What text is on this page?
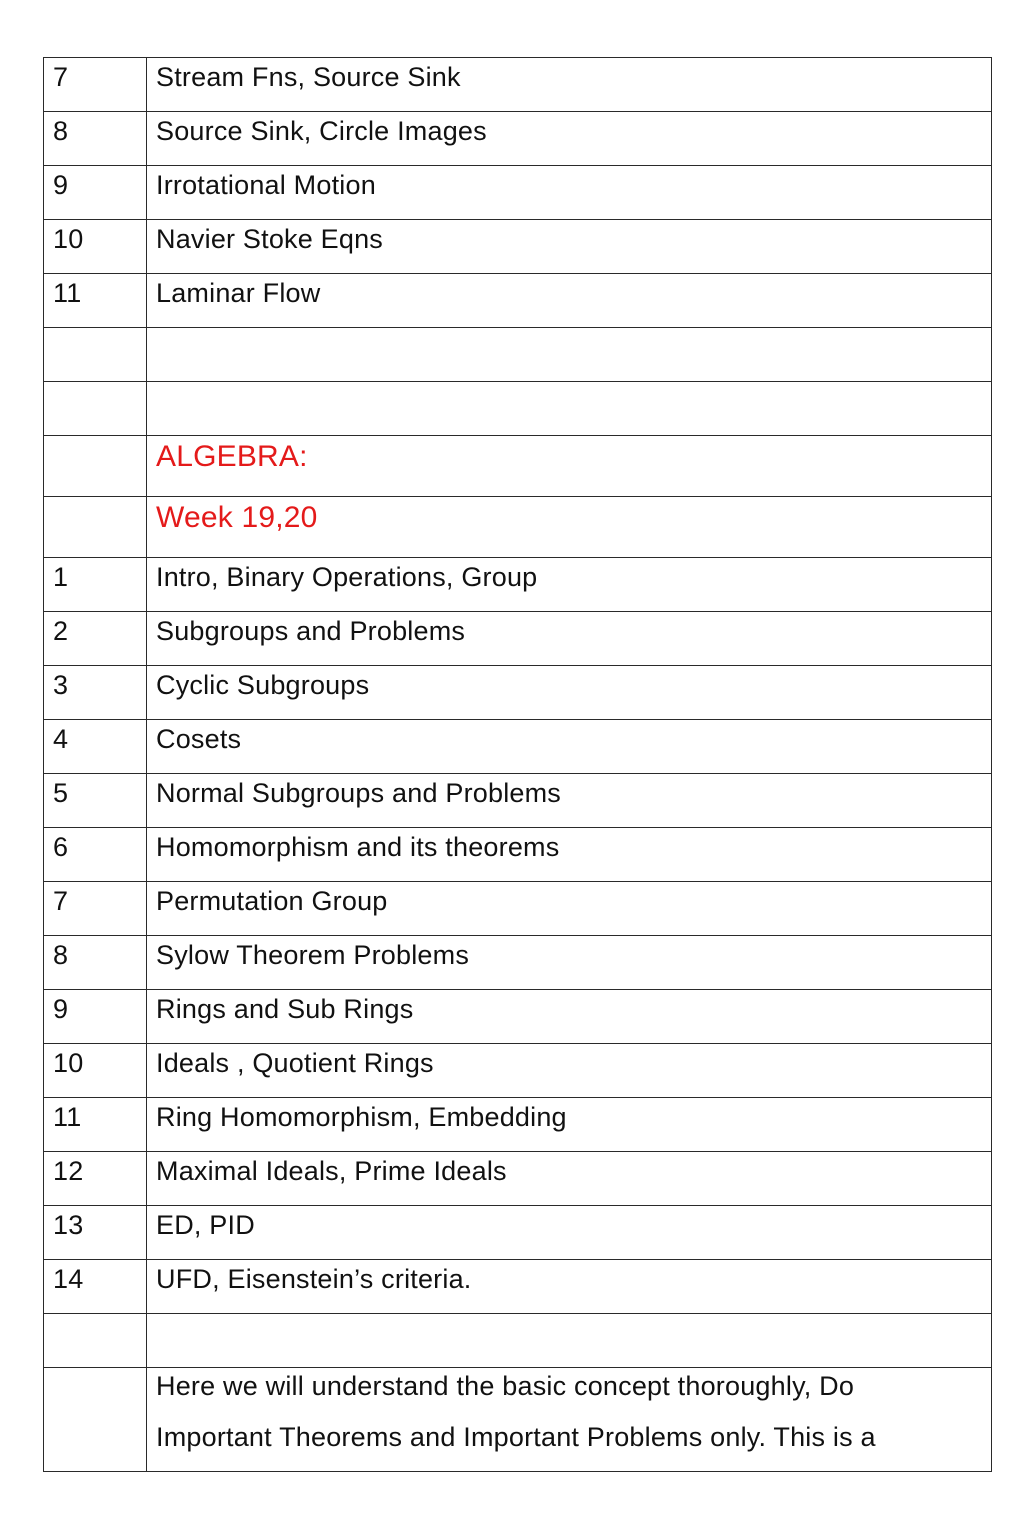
7	Stream Fns, Source Sink
8	Source Sink, Circle Images
9	Irrotational Motion
10	Navier Stoke Eqns
11	Laminar Flow

	ALGEBRA:

	Week 19,20

1	Intro, Binary Operations, Group
2	Subgroups and Problems
3	Cyclic Subgroups
4	Cosets
5	Normal Subgroups and Problems
6	Homomorphism and its theorems
7	Permutation Group
8	Sylow Theorem Problems
9	Rings and Sub Rings
10	Ideals , Quotient Rings
11	Ring Homomorphism, Embedding
12	Maximal Ideals, Prime Ideals
13	ED, PID
14	UFD, Eisenstein’s criteria.

	Here we will understand the basic concept thoroughly, Do
Important Theorems and Important Problems only. This is a
